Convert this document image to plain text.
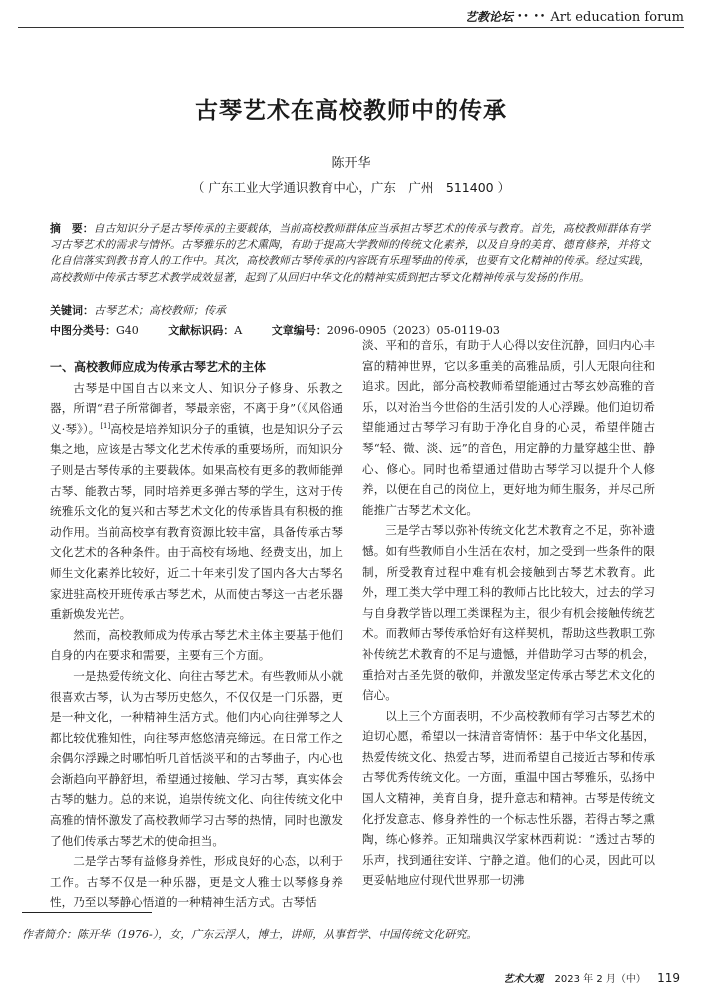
艺教论坛 •• •• Art education forum
古琴艺术在高校教师中的传承
陈开华
（ 广东工业大学通识教育中心，广东　广州　511400 ）
摘　要：自古知识分子是古琴传承的主要载体，当前高校教师群体应当承担古琴艺术的传承与教育。首先，高校教师群体有学习古琴艺术的需求与情怀。古琴雅乐的艺术熏陶，有助于提高大学教师的传统文化素养，以及自身的美育、德育修养，并将文化自信落实到教书育人的工作中。其次，高校教师古琴传承的内容既有乐理琴曲的传承，也要有文化精神的传承。经过实践，高校教师中传承古琴艺术教学成效显著，起到了从回归中华文化的精神实质到把古琴文化精神传承与发扬的作用。
关键词：古琴艺术；高校教师；传承
中图分类号：G40	文献标识码：A	文章编号：2096-0905（2023）05-0119-03
一、高校教师应成为传承古琴艺术的主体

古琴是中国自古以来文人、知识分子修身、乐教之器，所谓“君子所常御者，琴最亲密，不离于身”（《风俗通义·琴》）。[1]高校是培养知识分子的重镇，也是知识分子云集之地，应该是古琴文化艺术传承的重要场所，而知识分子则是古琴传承的主要载体。如果高校有更多的教师能弹古琴、能教古琴，同时培养更多弹古琴的学生，这对于传统雅乐文化的复兴和古琴艺术文化的传承皆具有积极的推动作用。当前高校享有教育资源比较丰富，具备传承古琴文化艺术的各种条件。由于高校有场地、经费支出，加上师生文化素养比较好，近二十年来引发了国内各大古琴名家进驻高校开班传承古琴艺术，从而使古琴这一古老乐器重新焕发光芒。

然而，高校教师成为传承古琴艺术主体主要基于他们自身的内在要求和需要，主要有三个方面。

一是热爱传统文化、向往古琴艺术。有些教师从小就很喜欢古琴，认为古琴历史悠久，不仅仅是一门乐器，更是一种文化，一种精神生活方式。他们内心向往弹琴之人都比较优雅知性，向往琴声悠悠清亮缔远。在日常工作之余偶尔浮躁之时哪怕听几首恬淡平和的古琴曲子，内心也会渐趋向平静舒坦，希望通过接触、学习古琴，真实体会古琴的魅力。总的来说，追崇传统文化、向往传统文化中高雅的情怀激发了高校教师学习古琴的热情，同时也激发了他们传承古琴艺术的使命担当。

二是学古琴有益修身养性，形成良好的心态，以利于工作。古琴不仅是一种乐器，更是文人雅士以琴修身养性，乃至以琴静心悟道的一种精神生活方式。古琴恬

淡、平和的音乐，有助于人心得以安住沉静，回归内心丰富的精神世界，它以多重美的高雅品质，引人无限向往和追求。因此，部分高校教师希望能通过古琴玄妙高雅的音乐，以对治当今世俗的生活引发的人心浮躁。他们迫切希望能通过古琴学习有助于净化自身的心灵，希望伴随古琴“轻、微、淡、远”的音色，用定静的力量穿越尘世、静心、修心。同时也希望通过借助古琴学习以提升个人修养，以便在自己的岗位上，更好地为师生服务，并尽己所能推广古琴艺术文化。

三是学古琴以弥补传统文化艺术教育之不足，弥补遗憾。如有些教师自小生活在农村，加之受到一些条件的限制，所受教育过程中难有机会接触到古琴艺术教育。此外，理工类大学中理工科的教师占比比较大，过去的学习与自身教学皆以理工类课程为主，很少有机会接触传统艺术。而教师古琴传承恰好有这样契机，帮助这些教职工弥补传统艺术教育的不足与遗憾，并借助学习古琴的机会，重拾对古圣先贤的敬仰，并激发坚定传承古琴艺术文化的信心。

以上三个方面表明，不少高校教师有学习古琴艺术的迫切心愿，希望以一抹清音寄情怀：基于中华文化基因，热爱传统文化、热爱古琴，进而希望自己接近古琴和传承古琴优秀传统文化。一方面，重温中国古琴雅乐，弘扬中国人文精神，美育自身，提升意志和精神。古琴是传统文化抒发意志、修身养性的一个标志性乐器，若得古琴之熏陶，练心修养。正知瑞典汉学家林西莉说：“透过古琴的乐声，找到通往安详、宁静之道。他们的心灵，因此可以更妥帖地应付现代世界那一切沸

作者简介：陈开华（1976-），女，广东云浮人，博士，讲师，从事哲学、中国传统文化研究。
艺术大观 2023 年 2 月（中） 119
